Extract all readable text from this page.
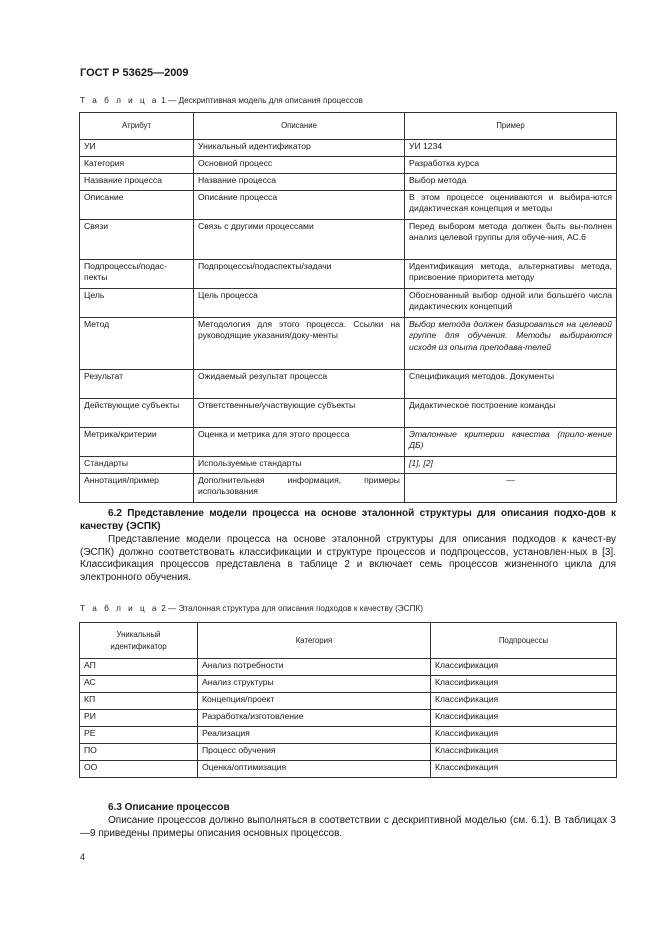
ГОСТ Р 53625—2009
Т а б л и ц а 1 — Дескриптивная модель для описания процессов
Атрибут	Описание	Пример
УИ	Уникальный идентификатор	УИ 1234
Категория	Основной процесс	Разработка курса
Название процесса	Название процесса	Выбор метода
Описание	Описание процесса	В этом процессе оцениваются и выбира-ются дидактическая концепция и методы
Связи	Связь с другими процессами	Перед выбором метода должен быть вы-полнен анализ целевой группы для обуче-ния, АС.6
Подпроцессы/подас-пекты	Подпроцессы/подаспекты/задачи	Идентификация метода, альтернативы метода, присвоение приоритета методу
Цель	Цель процесса	Обоснованный выбор одной или большего числа дидактических концепций
Метод	Методология для этого процесса. Ссылки на руководящие указания/доку-менты	Выбор метода должен базироваться на целевой группе для обучения. Методы выбираются исходя из опыта преподава-телей
Результат	Ожидаемый результат процесса	Спецификация методов. Документы
Действующие субъекты	Ответственные/участвующие субъекты	Дидактическое построение команды
Метрика/критерии	Оценка и метрика для этого процесса	Эталонные критерии качества (прило-жение ДБ)
Стандарты	Используемые стандарты	[1], [2]
Аннотация/пример	Дополнительная информация, примеры использования	—
6.2 Представление модели процесса на основе эталонной структуры для описания подхо-дов к качеству (ЭСПК)
Представление модели процесса на основе эталонной структуры для описания подходов к качест-ву (ЭСПК) должно соответствовать классификации и структуре процессов и подпроцессов, установлен-ных в [3]. Классификация процессов представлена в таблице 2 и включает семь процессов жизненного цикла для электронного обучения.
Т а б л и ц а 2 — Эталонная структура для описания подходов к качеству (ЭСПК)
Уникальный идентификатор	Категория	Подпроцессы
АП	Анализ потребности	Классификация
АС	Анализ структуры	Классификация
КП	Концепция/проект	Классификация
РИ	Разработка/изготовление	Классификация
РЕ	Реализация	Классификация
ПО	Процесс обучения	Классификация
ОО	Оценка/оптимизация	Классификация
6.3 Описание процессов
Описание процессов должно выполняться в соответствии с дескриптивной моделью (см. 6.1). В таблицах 3—9 приведены примеры описания основных процессов.
4
